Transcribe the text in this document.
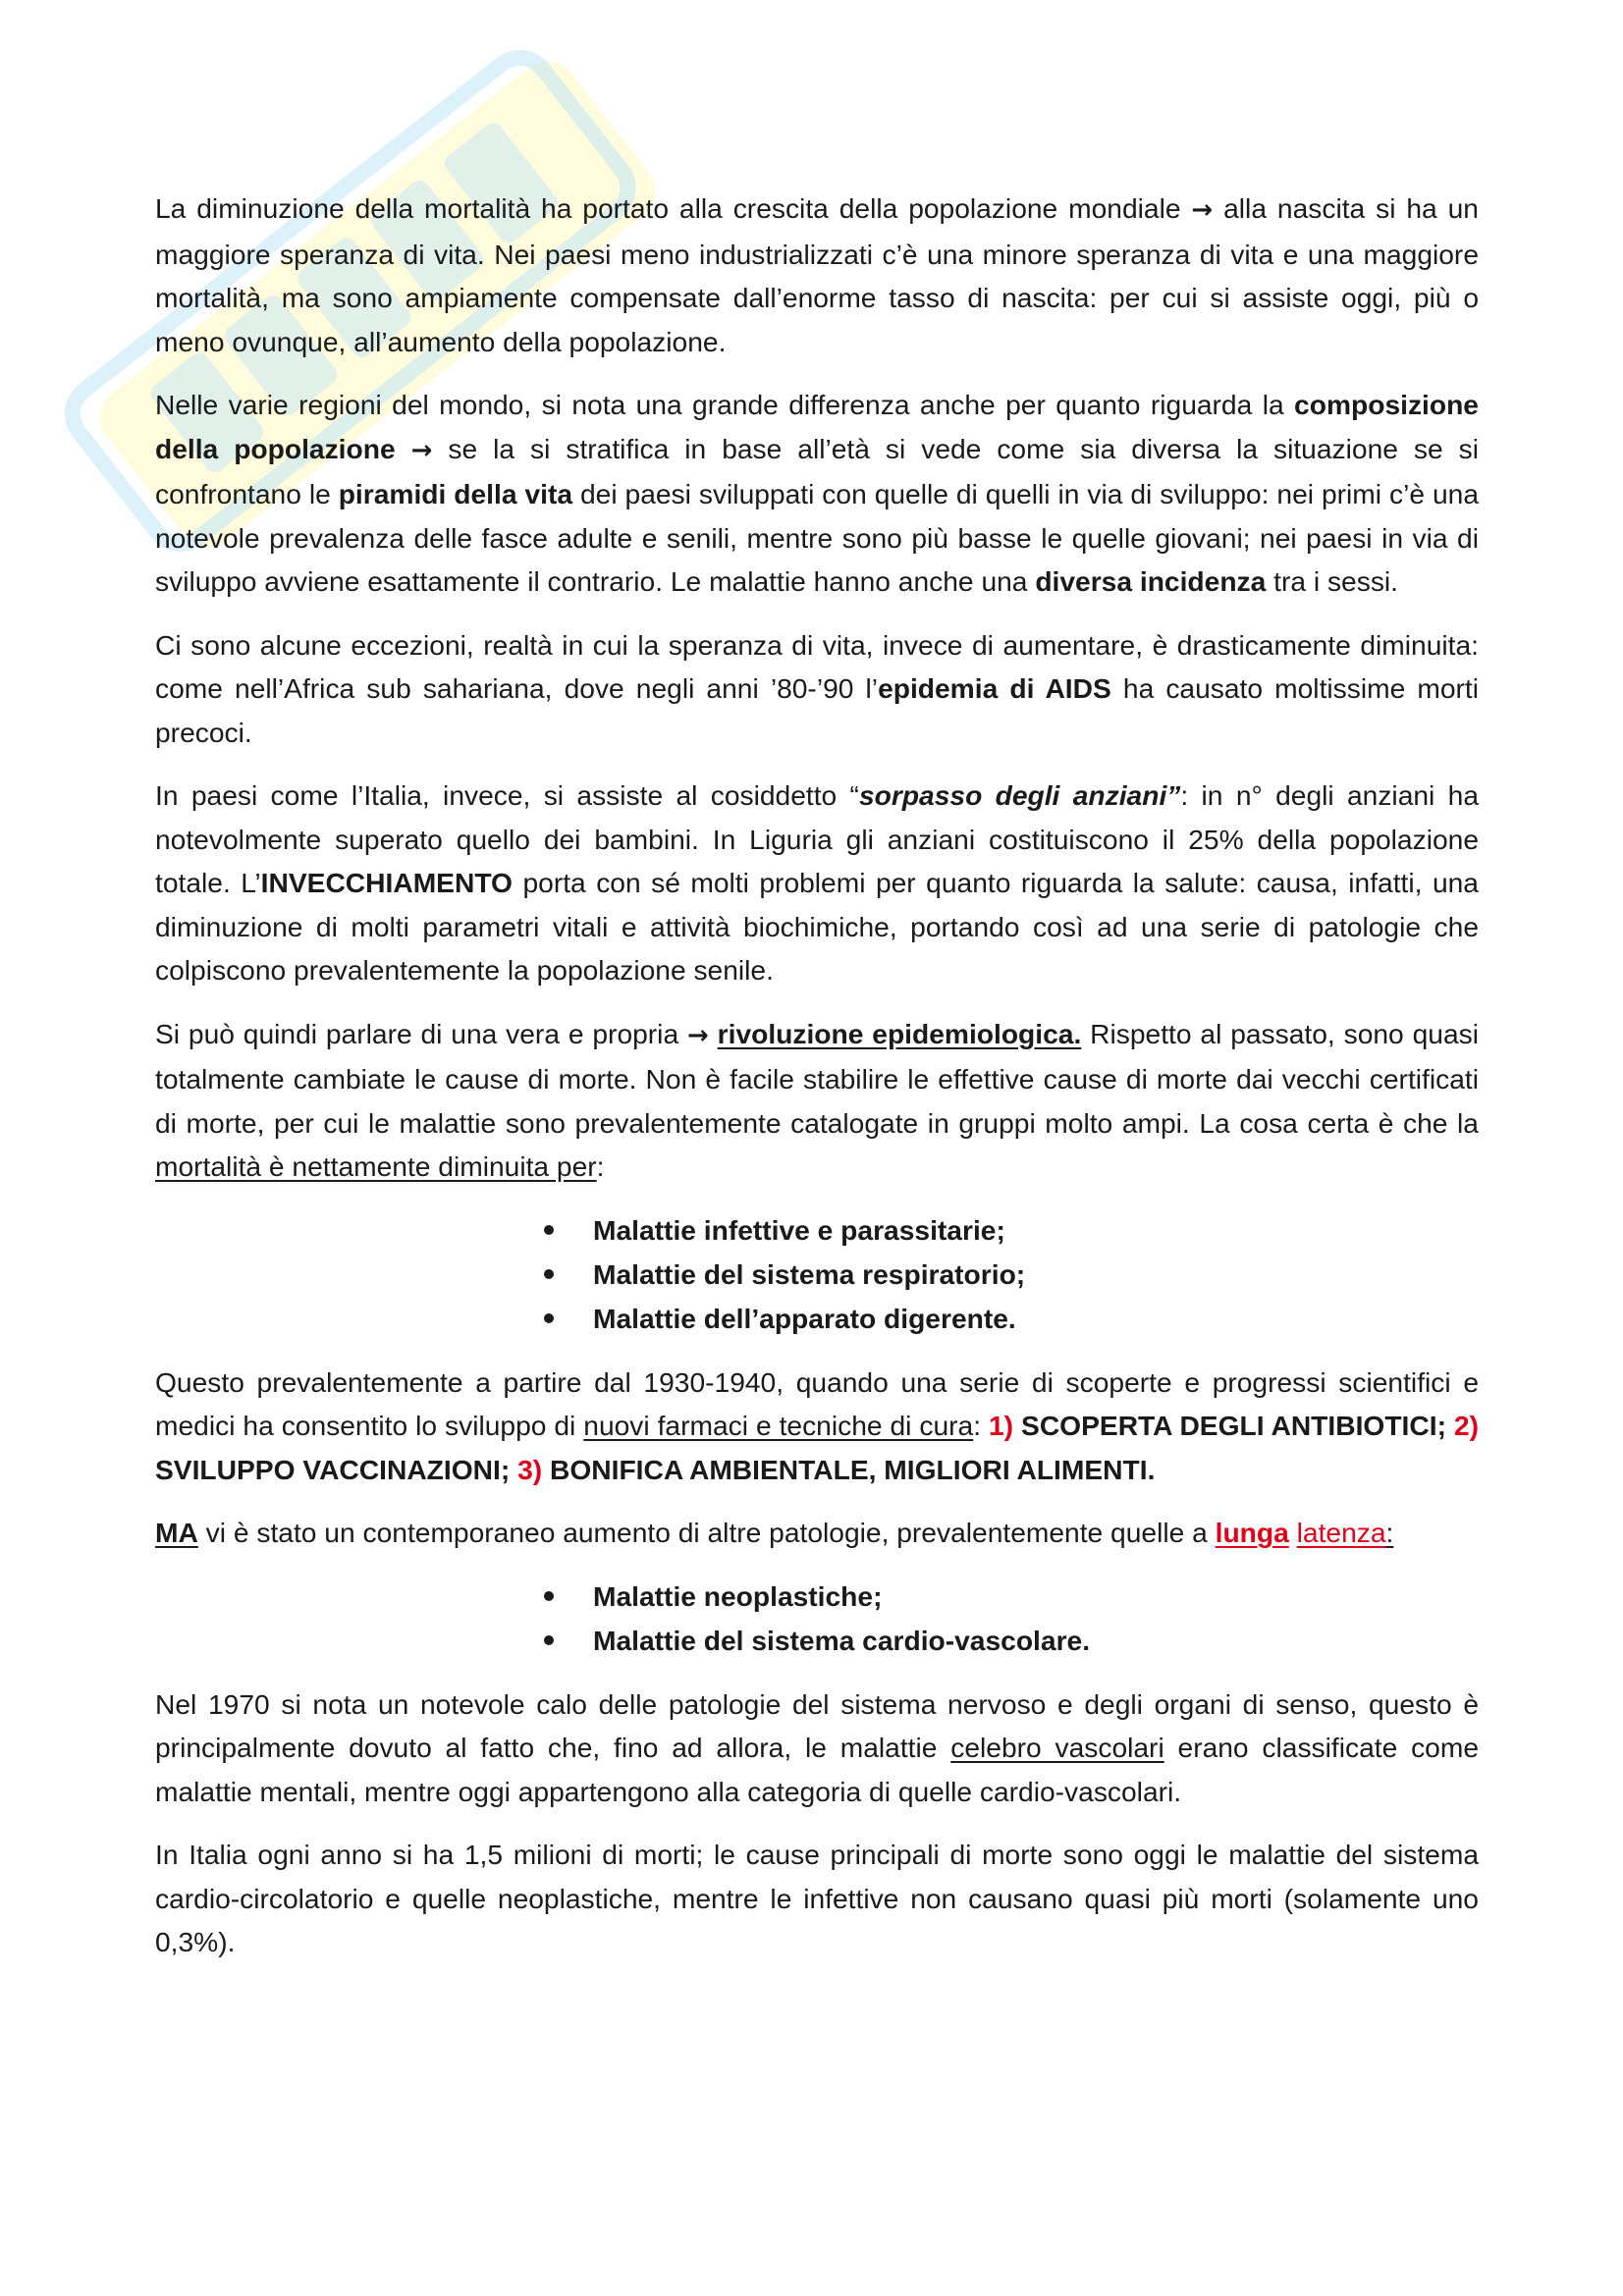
La diminuzione della mortalità ha portato alla crescita della popolazione mondiale → alla nascita si ha un maggiore speranza di vita. Nei paesi meno industrializzati c’è una minore speranza di vita e una maggiore mortalità, ma sono ampiamente compensate dall’enorme tasso di nascita: per cui si assiste oggi, più o meno ovunque, all’aumento della popolazione.

Nelle varie regioni del mondo, si nota una grande differenza anche per quanto riguarda la composizione della popolazione → se la si stratifica in base all’età si vede come sia diversa la situazione se si confrontano le piramidi della vita dei paesi sviluppati con quelle di quelli in via di sviluppo: nei primi c’è una notevole prevalenza delle fasce adulte e senili, mentre sono più basse le quelle giovani; nei paesi in via di sviluppo avviene esattamente il contrario. Le malattie hanno anche una diversa incidenza tra i sessi.

Ci sono alcune eccezioni, realtà in cui la speranza di vita, invece di aumentare, è drasticamente diminuita: come nell’Africa sub sahariana, dove negli anni ’80-’90 l’epidemia di AIDS ha causato moltissime morti precoci.

In paesi come l’Italia, invece, si assiste al cosiddetto “sorpasso degli anziani”: in n° degli anziani ha notevolmente superato quello dei bambini. In Liguria gli anziani costituiscono il 25% della popolazione totale. L’INVECCHIAMENTO porta con sé molti problemi per quanto riguarda la salute: causa, infatti, una diminuzione di molti parametri vitali e attività biochimiche, portando così ad una serie di patologie che colpiscono prevalentemente la popolazione senile.

Si può quindi parlare di una vera e propria → rivoluzione epidemiologica. Rispetto al passato, sono quasi totalmente cambiate le cause di morte. Non è facile stabilire le effettive cause di morte dai vecchi certificati di morte, per cui le malattie sono prevalentemente catalogate in gruppi molto ampi. La cosa certa è che la mortalità è nettamente diminuita per:

Malattie infettive e parassitarie;
Malattie del sistema respiratorio;
Malattie dell’apparato digerente.

Questo prevalentemente a partire dal 1930-1940, quando una serie di scoperte e progressi scientifici e medici ha consentito lo sviluppo di nuovi farmaci e tecniche di cura: 1) SCOPERTA DEGLI ANTIBIOTICI; 2) SVILUPPO VACCINAZIONI; 3) BONIFICA AMBIENTALE, MIGLIORI ALIMENTI.

MA vi è stato un contemporaneo aumento di altre patologie, prevalentemente quelle a lunga latenza:

Malattie neoplastiche;
Malattie del sistema cardio-vascolare.

Nel 1970 si nota un notevole calo delle patologie del sistema nervoso e degli organi di senso, questo è principalmente dovuto al fatto che, fino ad allora, le malattie celebro vascolari erano classificate come malattie mentali, mentre oggi appartengono alla categoria di quelle cardio-vascolari.

In Italia ogni anno si ha 1,5 milioni di morti; le cause principali di morte sono oggi le malattie del sistema cardio-circolatorio e quelle neoplastiche, mentre le infettive non causano quasi più morti (solamente uno 0,3%).
